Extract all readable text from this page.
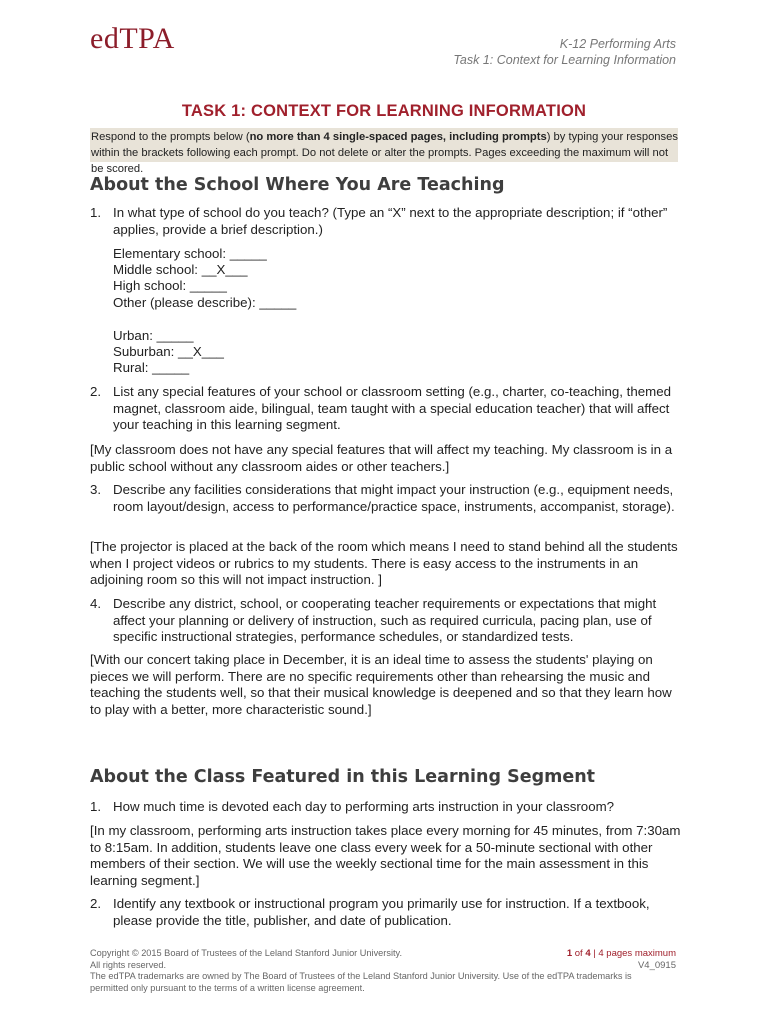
edTPA	K-12 Performing Arts
Task 1: Context for Learning Information
TASK 1: CONTEXT FOR LEARNING INFORMATION
Respond to the prompts below (no more than 4 single-spaced pages, including prompts) by typing your responses within the brackets following each prompt. Do not delete or alter the prompts. Pages exceeding the maximum will not be scored.
About the School Where You Are Teaching
1. In what type of school do you teach? (Type an “X” next to the appropriate description; if “other” applies, provide a brief description.)
Elementary school: _____
Middle school: __X___
High school: _____
Other (please describe): _____
Urban: _____
Suburban: __X___
Rural: _____
2. List any special features of your school or classroom setting (e.g., charter, co-teaching, themed magnet, classroom aide, bilingual, team taught with a special education teacher) that will affect your teaching in this learning segment.
[My classroom does not have any special features that will affect my teaching. My classroom is in a public school without any classroom aides or other teachers.]
3. Describe any facilities considerations that might impact your instruction (e.g., equipment needs, room layout/design, access to performance/practice space, instruments, accompanist, storage).
[The projector is placed at the back of the room which means I need to stand behind all the students when I project videos or rubrics to my students. There is easy access to the instruments in an adjoining room so this will not impact instruction. ]
4. Describe any district, school, or cooperating teacher requirements or expectations that might affect your planning or delivery of instruction, such as required curricula, pacing plan, use of specific instructional strategies, performance schedules, or standardized tests.
[With our concert taking place in December, it is an ideal time to assess the students' playing on pieces we will perform. There are no specific requirements other than rehearsing the music and teaching the students well, so that their musical knowledge is deepened and so that they learn how to play with a better, more characteristic sound.]
About the Class Featured in this Learning Segment
1. How much time is devoted each day to performing arts instruction in your classroom?
[In my classroom, performing arts instruction takes place every morning for 45 minutes, from 7:30am to 8:15am. In addition, students leave one class every week for a 50-minute sectional with other members of their section. We will use the weekly sectional time for the main assessment in this learning segment.]
2. Identify any textbook or instructional program you primarily use for instruction. If a textbook, please provide the title, publisher, and date of publication.
Copyright © 2015 Board of Trustees of the Leland Stanford Junior University.
All rights reserved.
The edTPA trademarks are owned by The Board of Trustees of the Leland Stanford Junior University. Use of the edTPA trademarks is permitted only pursuant to the terms of a written license agreement.
1 of 4 | 4 pages maximum
V4_0915
